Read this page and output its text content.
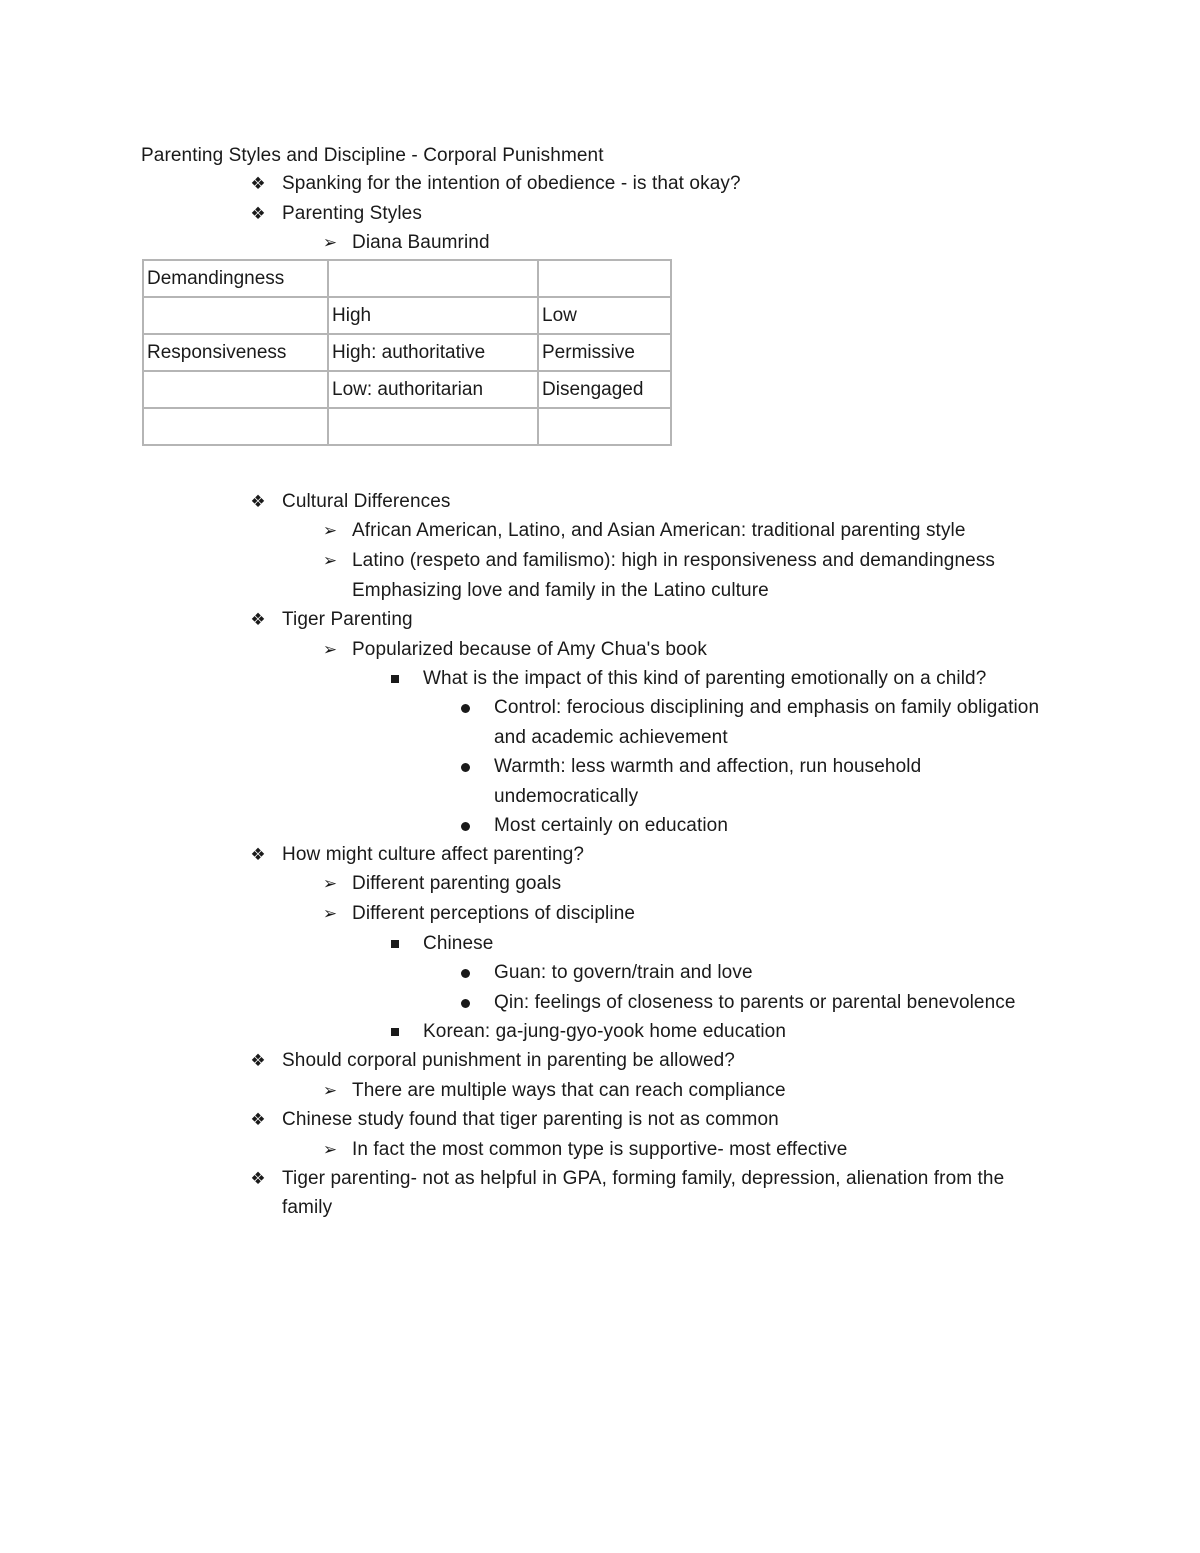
Parenting Styles and Discipline - Corporal Punishment
❖ Spanking for the intention of obedience - is that okay?
❖ Parenting Styles
➢ Diana Baumrind
Demandingness		
	High	Low
Responsiveness	High: authoritative	Permissive
	Low: authoritarian	Disengaged

❖ Cultural Differences
➢ African American, Latino, and Asian American: traditional parenting style
➢ Latino (respeto and familismo): high in responsiveness and demandingness
Emphasizing love and family in the Latino culture
❖ Tiger Parenting
➢ Popularized because of Amy Chua's book
What is the impact of this kind of parenting emotionally on a child?
Control: ferocious disciplining and emphasis on family obligation
and academic achievement
Warmth: less warmth and affection, run household
undemocratically
Most certainly on education
❖ How might culture affect parenting?
➢ Different parenting goals
➢ Different perceptions of discipline
Chinese
Guan: to govern/train and love
Qin: feelings of closeness to parents or parental benevolence
Korean: ga-jung-gyo-yook home education
❖ Should corporal punishment in parenting be allowed?
➢ There are multiple ways that can reach compliance
❖ Chinese study found that tiger parenting is not as common
➢ In fact the most common type is supportive- most effective
❖ Tiger parenting- not as helpful in GPA, forming family, depression, alienation from the
family
